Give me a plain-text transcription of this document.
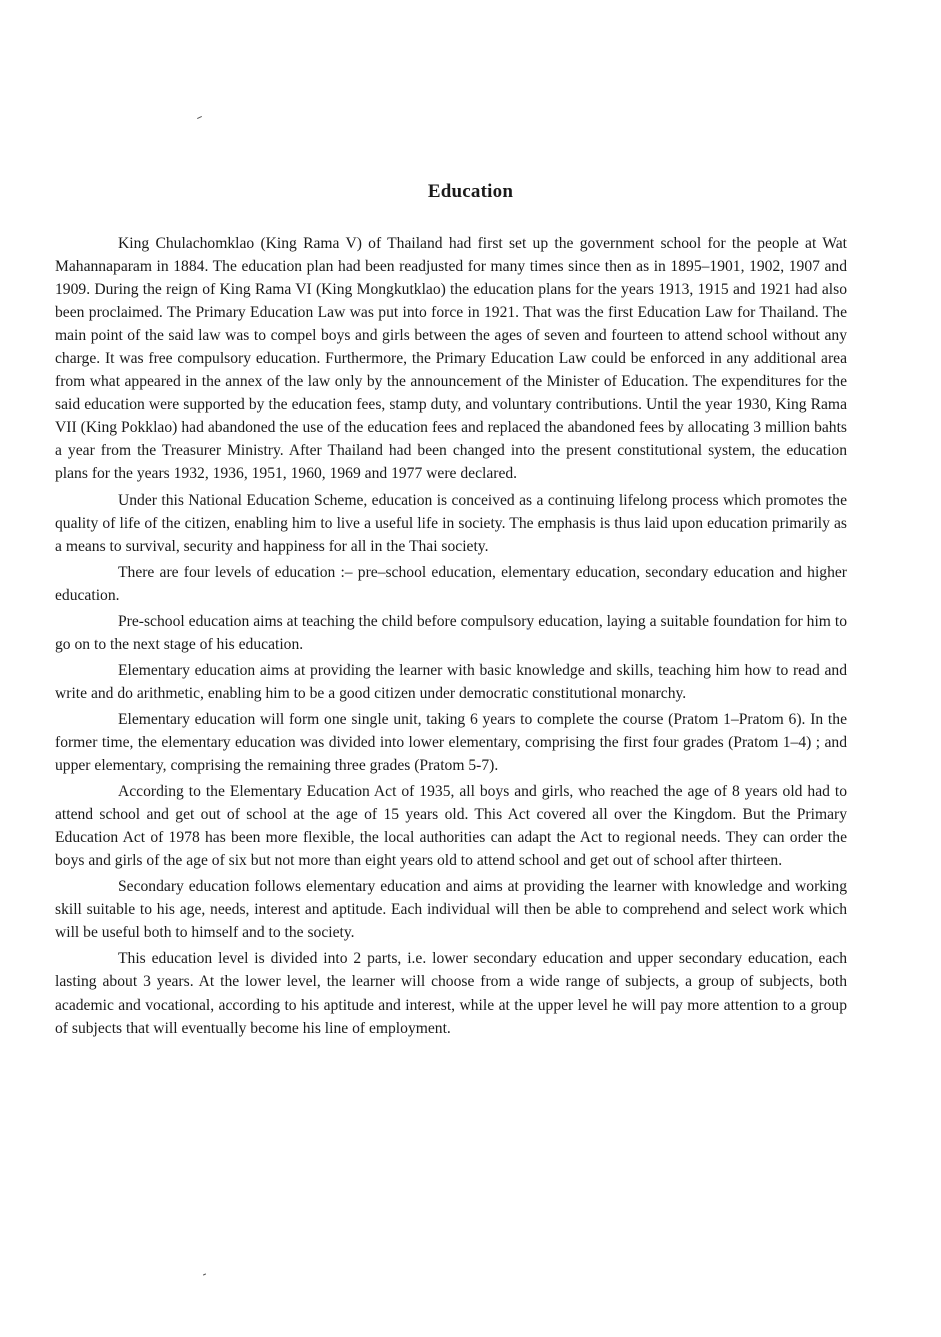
Education

King Chulachomklao (King Rama V) of Thailand had first set up the government school for the people at Wat Mahannaparam in 1884. The education plan had been readjusted for many times since then as in 1895–1901, 1902, 1907 and 1909. During the reign of King Rama VI (King Mongkutklao) the education plans for the years 1913, 1915 and 1921 had also been proclaimed. The Primary Education Law was put into force in 1921. That was the first Education Law for Thailand. The main point of the said law was to compel boys and girls between the ages of seven and fourteen to attend school without any charge. It was free compulsory education. Furthermore, the Primary Education Law could be enforced in any additional area from what appeared in the annex of the law only by the announcement of the Minister of Education. The expenditures for the said education were supported by the education fees, stamp duty, and voluntary contributions. Until the year 1930, King Rama VII (King Pokklao) had abandoned the use of the education fees and replaced the abandoned fees by allocating 3 million bahts a year from the Treasurer Ministry. After Thailand had been changed into the present constitutional system, the education plans for the years 1932, 1936, 1951, 1960, 1969 and 1977 were declared.

Under this National Education Scheme, education is conceived as a continuing lifelong process which promotes the quality of life of the citizen, enabling him to live a useful life in society. The emphasis is thus laid upon education primarily as a means to survival, security and happiness for all in the Thai society.

There are four levels of education :– pre–school education, elementary education, secondary education and higher education.

Pre-school education aims at teaching the child before compulsory education, laying a suitable foundation for him to go on to the next stage of his education.

Elementary education aims at providing the learner with basic knowledge and skills, teaching him how to read and write and do arithmetic, enabling him to be a good citizen under democratic constitutional monarchy.

Elementary education will form one single unit, taking 6 years to complete the course (Pratom 1–Pratom 6). In the former time, the elementary education was divided into lower elementary, comprising the first four grades (Pratom 1–4) ; and upper elementary, comprising the remaining three grades (Pratom 5-7).

According to the Elementary Education Act of 1935, all boys and girls, who reached the age of 8 years old had to attend school and get out of school at the age of 15 years old. This Act covered all over the Kingdom. But the Primary Education Act of 1978 has been more flexible, the local authorities can adapt the Act to regional needs. They can order the boys and girls of the age of six but not more than eight years old to attend school and get out of school after thirteen.

Secondary education follows elementary education and aims at providing the learner with knowledge and working skill suitable to his age, needs, interest and aptitude. Each individual will then be able to comprehend and select work which will be useful both to himself and to the society.

This education level is divided into 2 parts, i.e. lower secondary education and upper secondary education, each lasting about 3 years. At the lower level, the learner will choose from a wide range of subjects, a group of subjects, both academic and vocational, according to his aptitude and interest, while at the upper level he will pay more attention to a group of subjects that will eventually become his line of employment.
